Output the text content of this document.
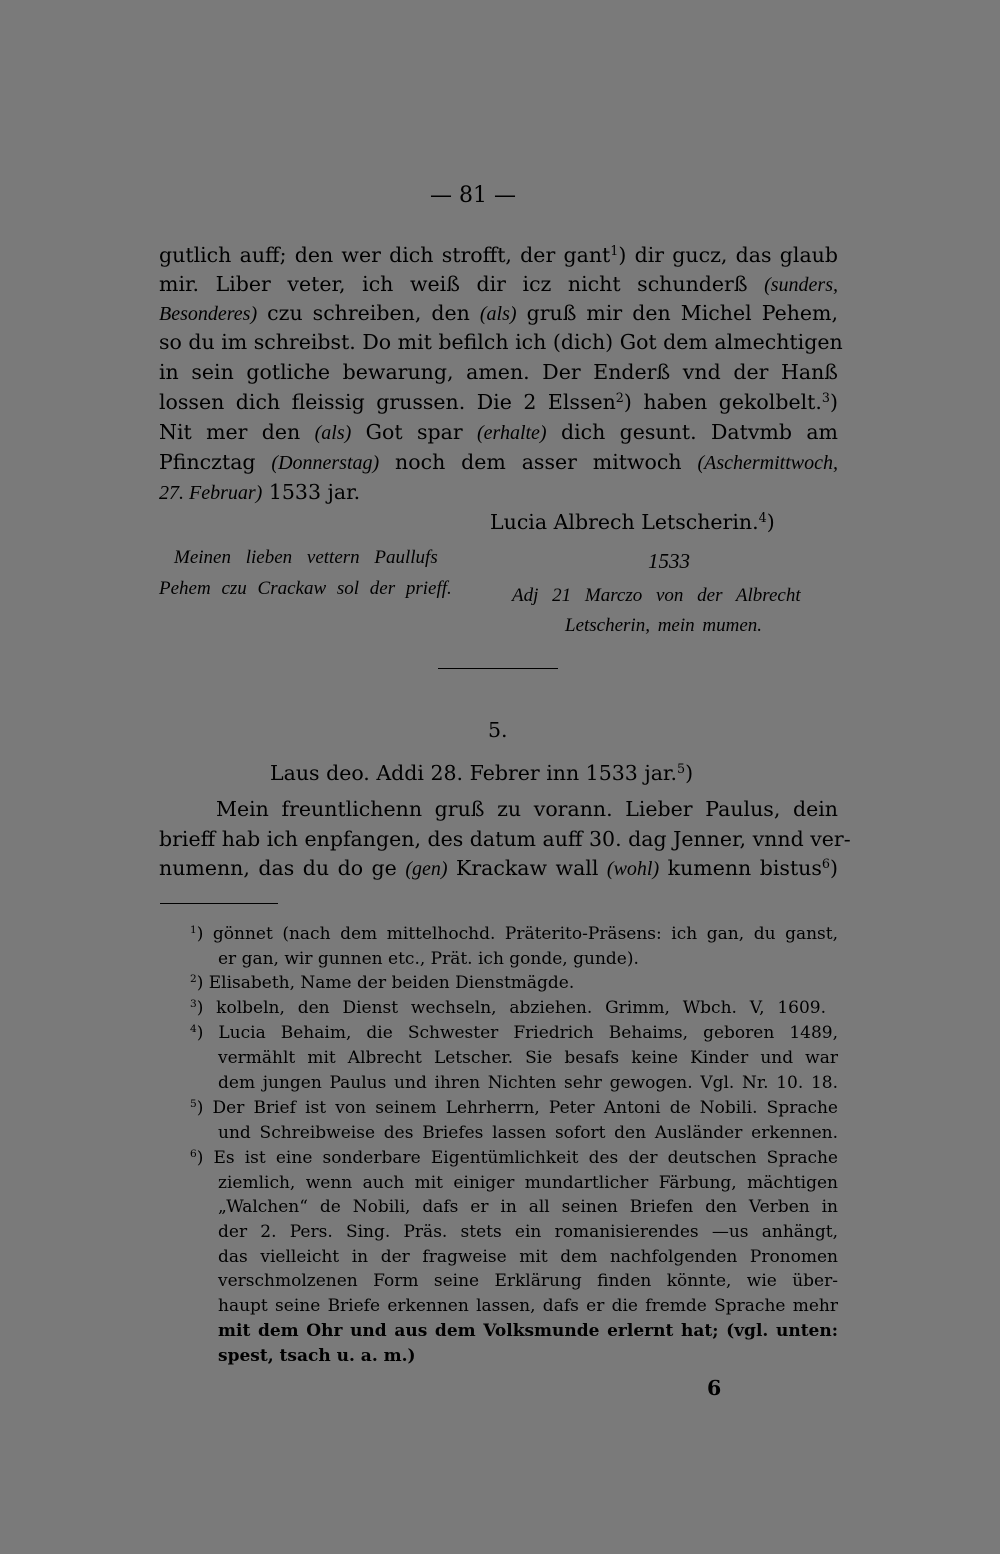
— 81 —
gutlich auff; den wer dich strofft, der gant$^1$) dir gucz, das glaub
mir. Liber veter, ich weiß dir icz nicht schunderß (sunders,
Besonderes) czu schreiben, den (als) gruß mir den Michel Pehem,
so du im schreibst. Do mit befilch ich (dich) Got dem almechtigen
in sein gotliche bewarung, amen. Der Enderß vnd der Hanß
lossen dich fleissig grussen. Die 2 Elssen$^2$) haben gekolbelt.$^3$)
Nit mer den (als) Got spar (erhalte) dich gesunt. Datvmb am
Pfincztag (Donnerstag) noch dem asser mitwoch (Aschermittwoch,
27. Februar) 1533 jar.
Lucia Albrech Letscherin.$^4$)
Meinen lieben vettern Paullufs
Pehem czu Crackaw sol der prieff.
1533
Adj 21 Marczo von der Albrecht
Letscherin, mein mumen.
5.
Laus deo. Addi 28. Febrer inn 1533 jar.$^5$)
Mein freuntlichenn gruß zu vorann. Lieber Paulus, dein
brieff hab ich enpfangen, des datum auff 30. dag Jenner, vnnd ver-
numenn, das du do ge (gen) Krackaw wall (wohl) kumenn bistus$^6$)
$^1$) gönnet (nach dem mittelhochd. Präterito-Präsens: ich gan, du ganst,
er gan, wir gunnen etc., Prät. ich gonde, gunde).
$^2$) Elisabeth, Name der beiden Dienstmägde.
$^3$) kolbeln, den Dienst wechseln, abziehen. Grimm, Wbch. V, 1609.
$^4$) Lucia Behaim, die Schwester Friedrich Behaims, geboren 1489,
vermählt mit Albrecht Letscher. Sie besafs keine Kinder und war
dem jungen Paulus und ihren Nichten sehr gewogen. Vgl. Nr. 10. 18.
$^5$) Der Brief ist von seinem Lehrherrn, Peter Antoni de Nobili. Sprache
und Schreibweise des Briefes lassen sofort den Ausländer erkennen.
$^6$) Es ist eine sonderbare Eigentümlichkeit des der deutschen Sprache
ziemlich, wenn auch mit einiger mundartlicher Färbung, mächtigen
„Walchen“ de Nobili, dafs er in all seinen Briefen den Verben in
der 2. Pers. Sing. Präs. stets ein romanisierendes —us anhängt,
das vielleicht in der fragweise mit dem nachfolgenden Pronomen
verschmolzenen Form seine Erklärung finden könnte, wie über-
haupt seine Briefe erkennen lassen, dafs er die fremde Sprache mehr
mit dem Ohr und aus dem Volksmunde erlernt hat; (vgl. unten:
spest, tsach u. a. m.)
6
